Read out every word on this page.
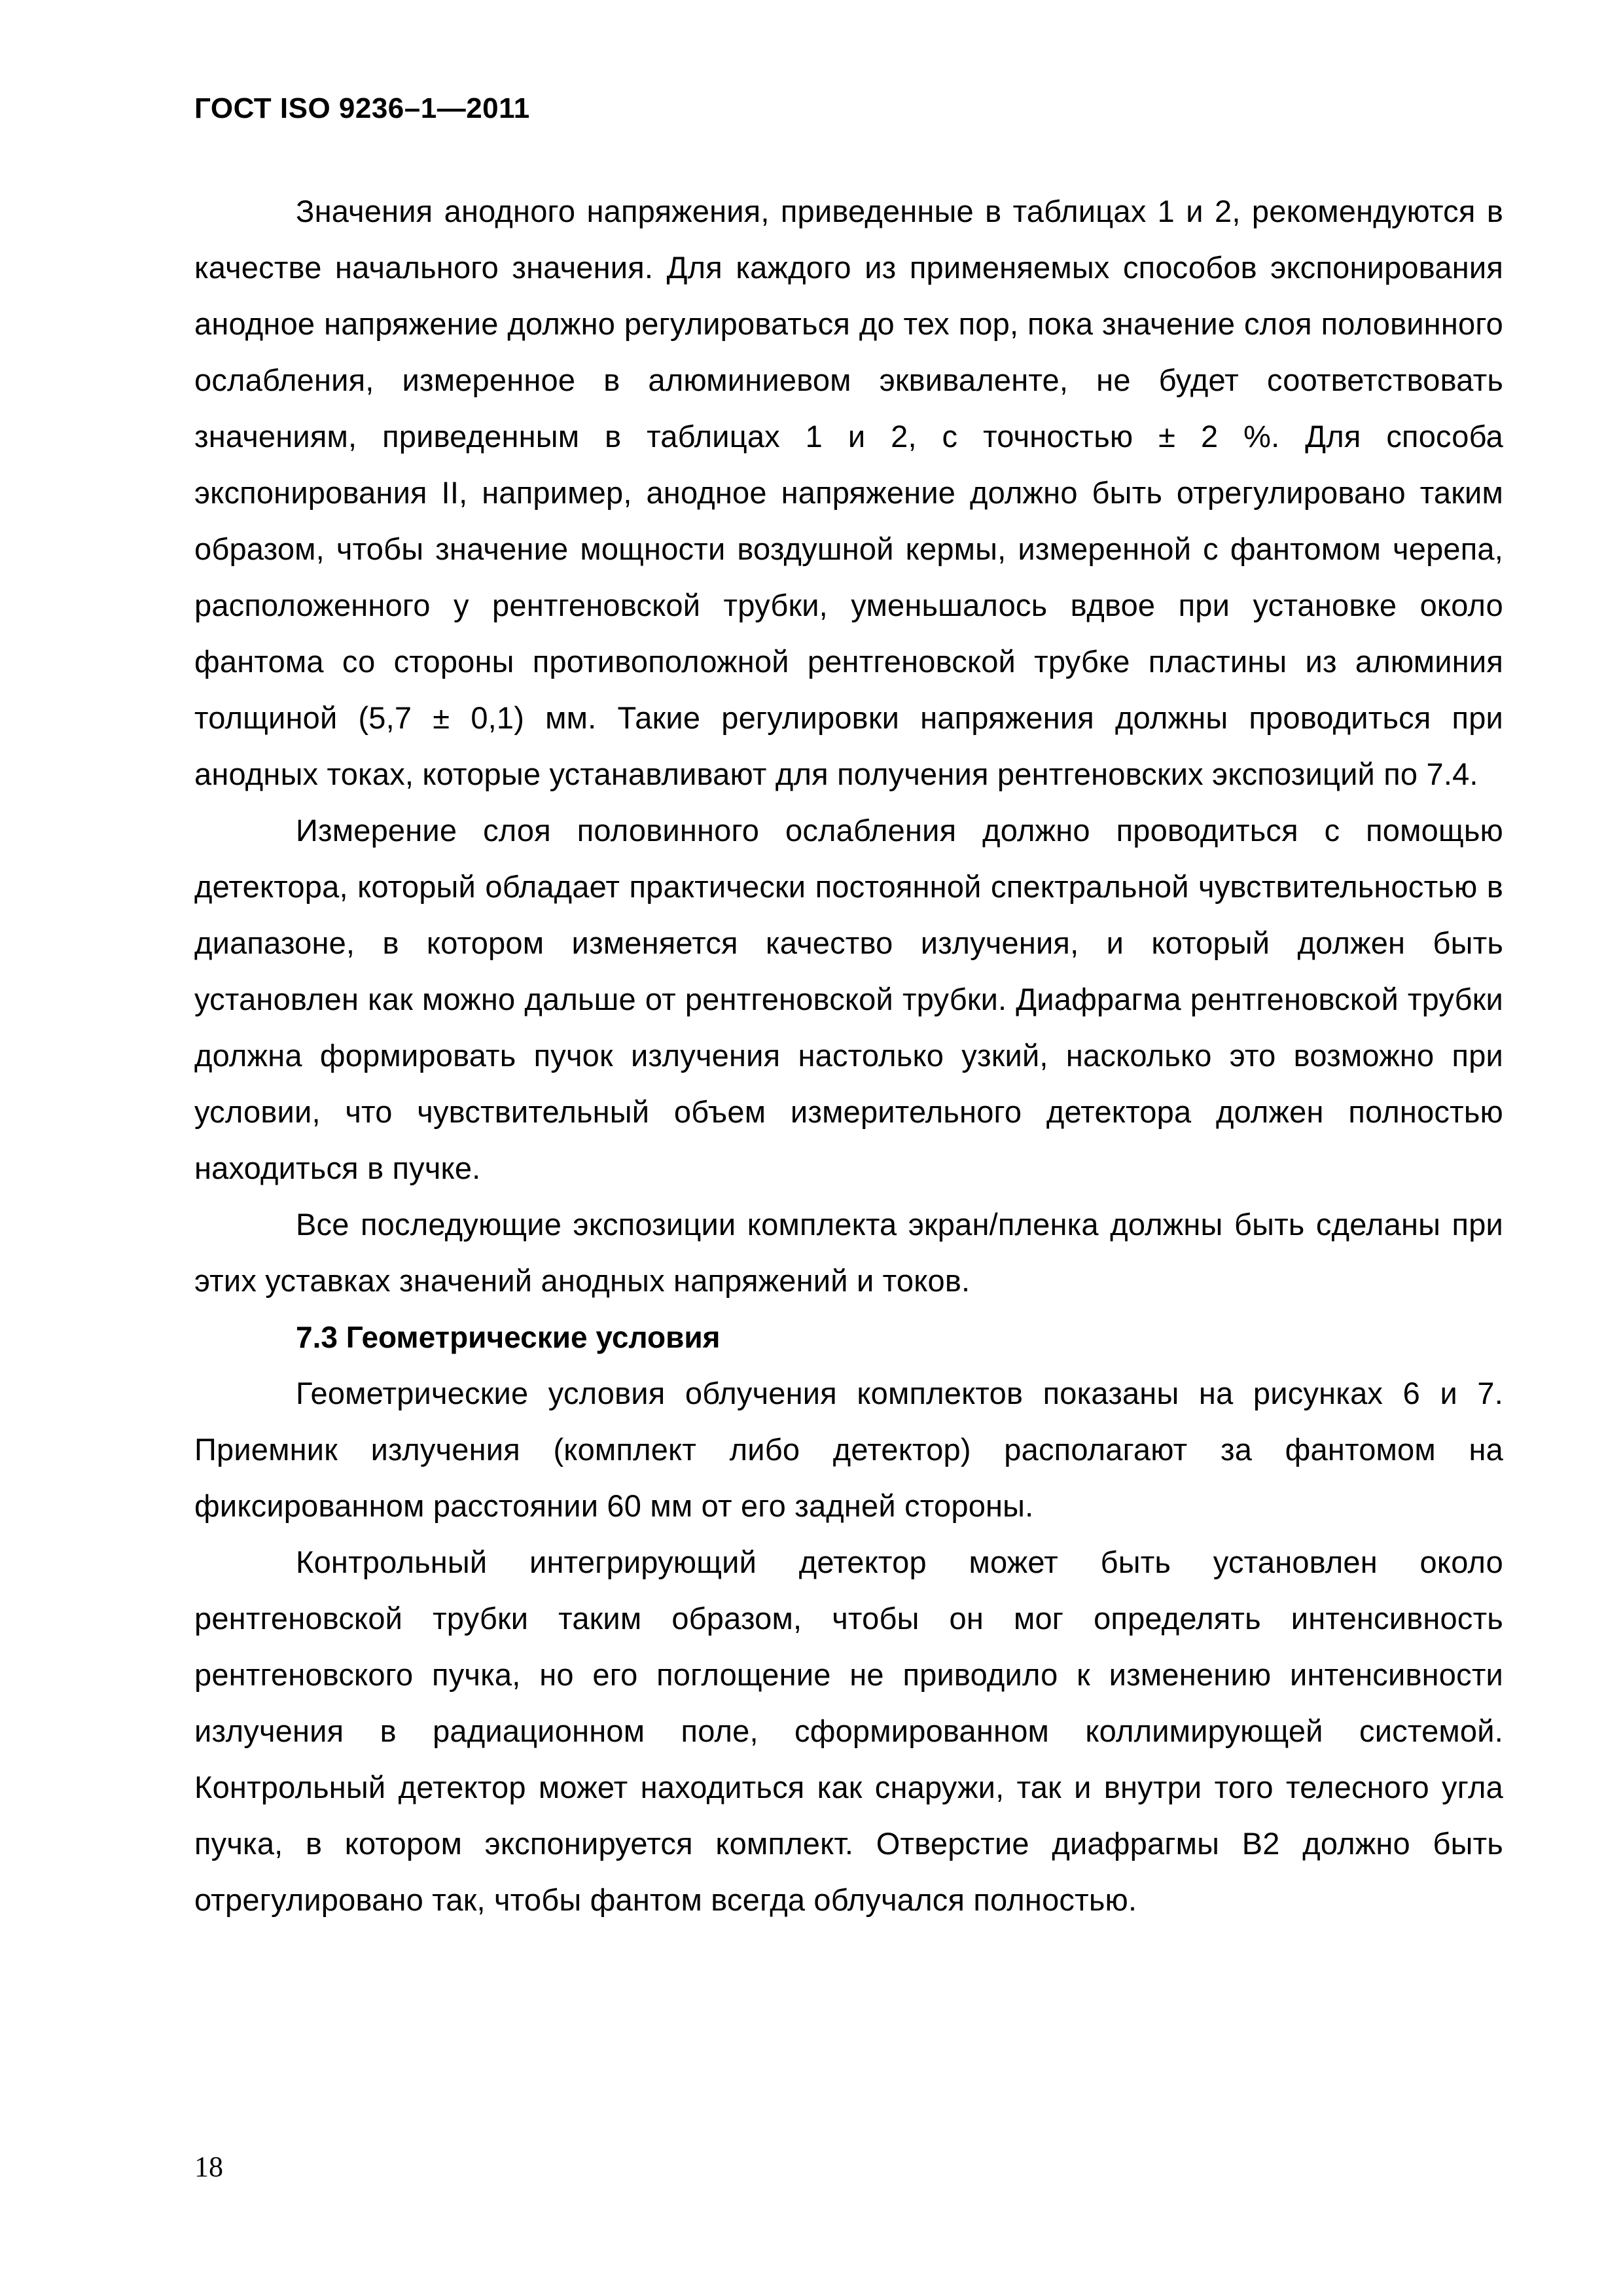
ГОСТ ISO 9236–1—2011

Значения анодного напряжения, приведенные в таблицах 1 и 2, рекомендуются в качестве начального значения. Для каждого из применяемых способов экспонирования анодное напряжение должно регулироваться до тех пор, пока значение слоя половинного ослабления, измеренное в алюминиевом эквиваленте, не будет соответствовать значениям, приведенным в таблицах 1 и 2, с точностью ± 2 %. Для способа экспонирования II, например, анодное напряжение должно быть отрегулировано таким образом, чтобы значение мощности воздушной кермы, измеренной с фантомом черепа, расположенного у рентгеновской трубки, уменьшалось вдвое при установке около фантома со стороны противоположной рентгеновской трубке пластины из алюминия толщиной (5,7 ± 0,1) мм. Такие регулировки напряжения должны проводиться при анодных токах, которые устанавливают для получения рентгеновских экспозиций по 7.4.

Измерение слоя половинного ослабления должно проводиться с помощью детектора, который обладает практически постоянной спектральной чувствительностью в диапазоне, в котором изменяется качество излучения, и который должен быть установлен как можно дальше от рентгеновской трубки. Диафрагма рентгеновской трубки должна формировать пучок излучения настолько узкий, насколько это возможно при условии, что чувствительный объем измерительного детектора должен полностью находиться в пучке.

Все последующие экспозиции комплекта экран/пленка должны быть сделаны при этих уставках значений анодных напряжений и токов.

7.3 Геометрические условия

Геометрические условия облучения комплектов показаны на рисунках 6 и 7. Приемник излучения (комплект либо детектор) располагают за фантомом на фиксированном расстоянии 60 мм от его задней стороны.

Контрольный интегрирующий детектор может быть установлен около рентгеновской трубки таким образом, чтобы он мог определять интенсивность рентгеновского пучка, но его поглощение не приводило к изменению интенсивности излучения в радиационном поле, сформированном коллимирующей системой. Контрольный детектор может находиться как снаружи, так и внутри того телесного угла пучка, в котором экспонируется комплект. Отверстие диафрагмы B2 должно быть отрегулировано так, чтобы фантом всегда облучался полностью.

18
